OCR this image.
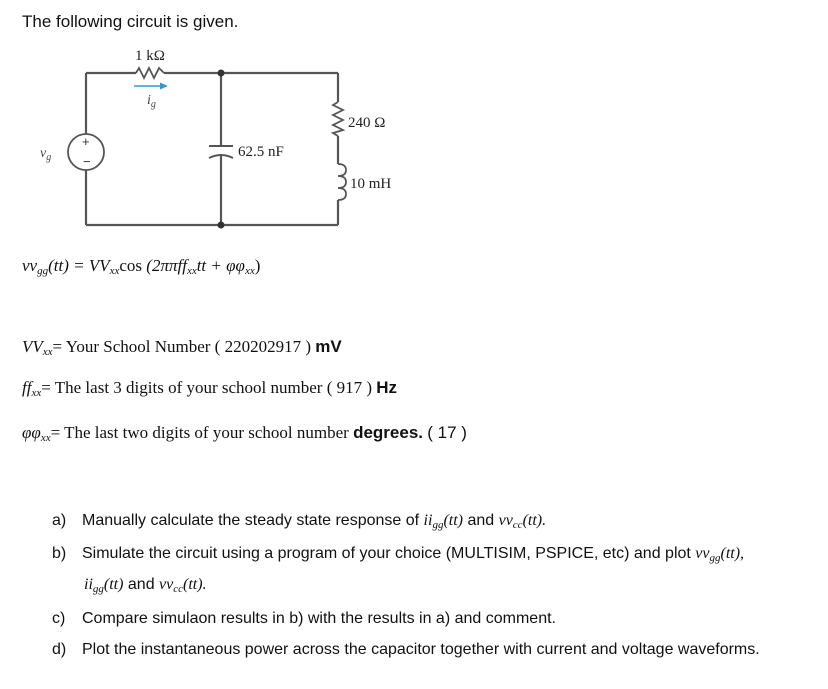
The following circuit is given.
1 kΩ
$i_g$
+
−
$v_g$	62.5 nF
240 Ω
10 mH
vvgg(tt) = VVxxcos (2ππffxxtt + φφxx)
VVxx= Your School Number ( 220202917 ) mV
ffxx= The last 3 digits of your school number ( 917 ) Hz
φφxx= The last two digits of your school number degrees. ( 17 )
a) Manually calculate the steady state response of iigg(tt) and vvcc(tt).
b) Simulate the circuit using a program of your choice (MULTISIM, PSPICE, etc) and plot vvgg(tt),
iigg(tt) and vvcc(tt).
c) Compare simulaon results in b) with the results in a) and comment.
d) Plot the instantaneous power across the capacitor together with current and voltage waveforms.
